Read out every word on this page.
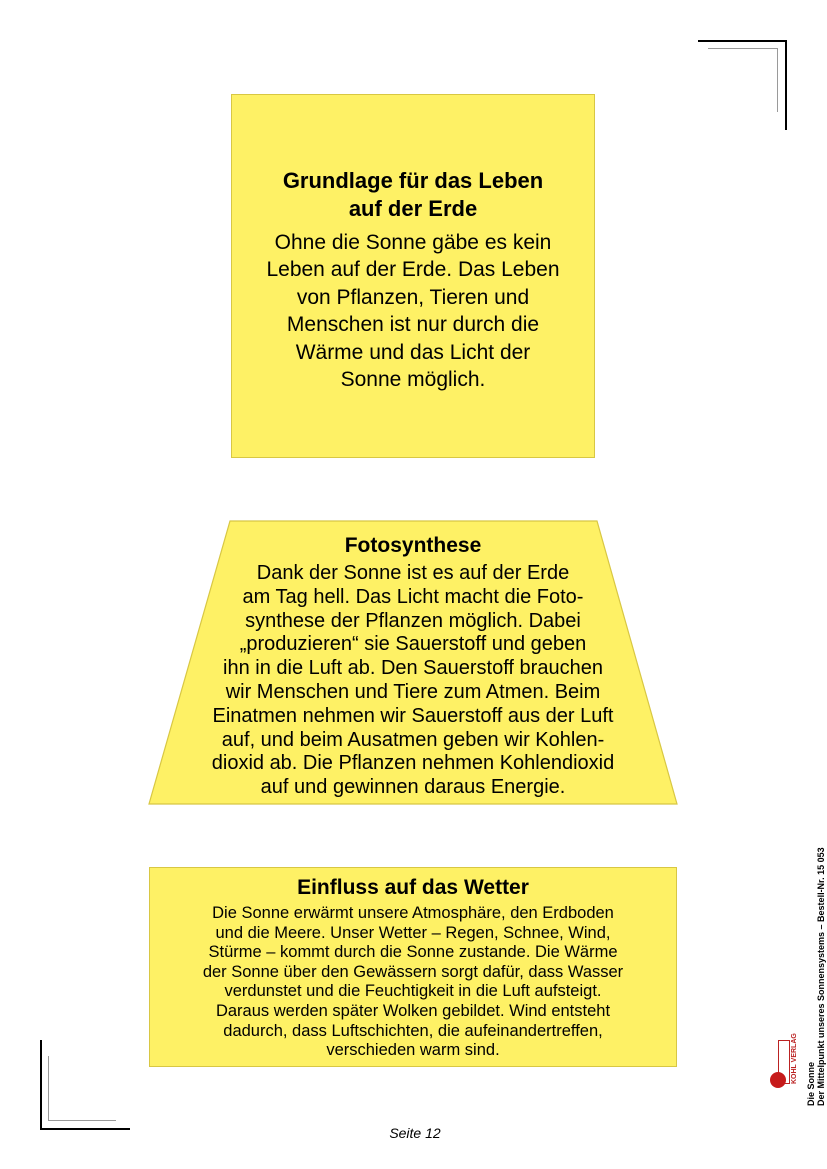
Grundlage für das Leben
auf der Erde
Ohne die Sonne gäbe es kein
Leben auf der Erde. Das Leben
von Pflanzen, Tieren und
Menschen ist nur durch die
Wärme und das Licht der
Sonne möglich.
Fotosynthese
Dank der Sonne ist es auf der Erde
am Tag hell. Das Licht macht die Foto-
synthese der Pflanzen möglich. Dabei
„produzieren“ sie Sauerstoff und geben
ihn in die Luft ab. Den Sauerstoff brauchen
wir Menschen und Tiere zum Atmen. Beim
Einatmen nehmen wir Sauerstoff aus der Luft
auf, und beim Ausatmen geben wir Kohlen-
dioxid ab. Die Pflanzen nehmen Kohlendioxid
auf und gewinnen daraus Energie.
Einfluss auf das Wetter
Die Sonne erwärmt unsere Atmosphäre, den Erdboden
und die Meere. Unser Wetter – Regen, Schnee, Wind,
Stürme – kommt durch die Sonne zustande. Die Wärme
der Sonne über den Gewässern sorgt dafür, dass Wasser
verdunstet und die Feuchtigkeit in die Luft aufsteigt.
Daraus werden später Wolken gebildet. Wind entsteht
dadurch, dass Luftschichten, die aufeinandertreffen,
verschieden warm sind.
Seite 12
Die Sonne Der Mittelpunkt unseres Sonnensystems – Bestell-Nr. 15 053
KOHL VERLAG
